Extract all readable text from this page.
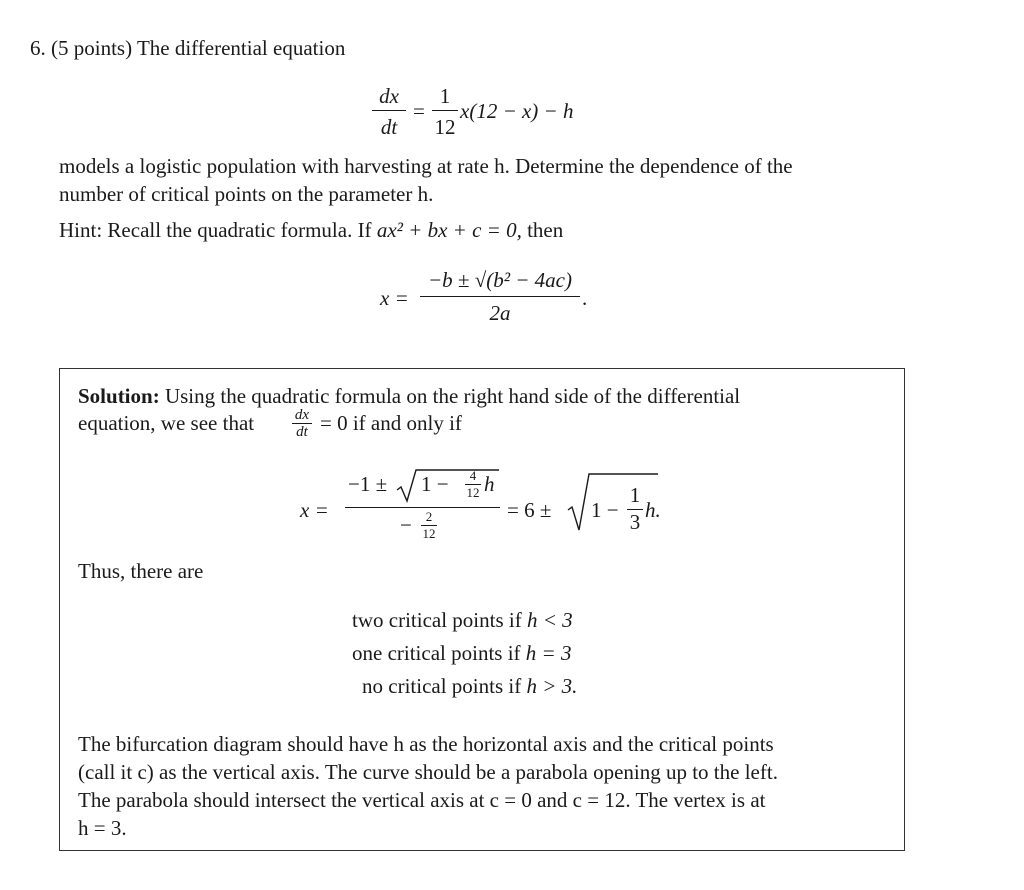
6. (5 points) The differential equation
dx
dt
=
1
12
x(12 − x) − h
models a logistic population with harvesting at rate h. Determine the dependence of the
number of critical points on the parameter h.
Hint: Recall the quadratic formula. If ax² + bx + c = 0, then
x =
−b ± √(b² − 4ac)
2a
.
Solution: Using the quadratic formula on the right hand side of the differential
equation, we see that	dx
dt = 0 if and only if
x =
−1 ± 1 −	4
12 h
−	2
12
= 6 ± 1 −
1
3 h.
Thus, there are
two critical points if h < 3
one critical points if h = 3
no critical points if h > 3.
The bifurcation diagram should have h as the horizontal axis and the critical points
(call it c) as the vertical axis. The curve should be a parabola opening up to the left.
The parabola should intersect the vertical axis at c = 0 and c = 12. The vertex is at
h = 3.
